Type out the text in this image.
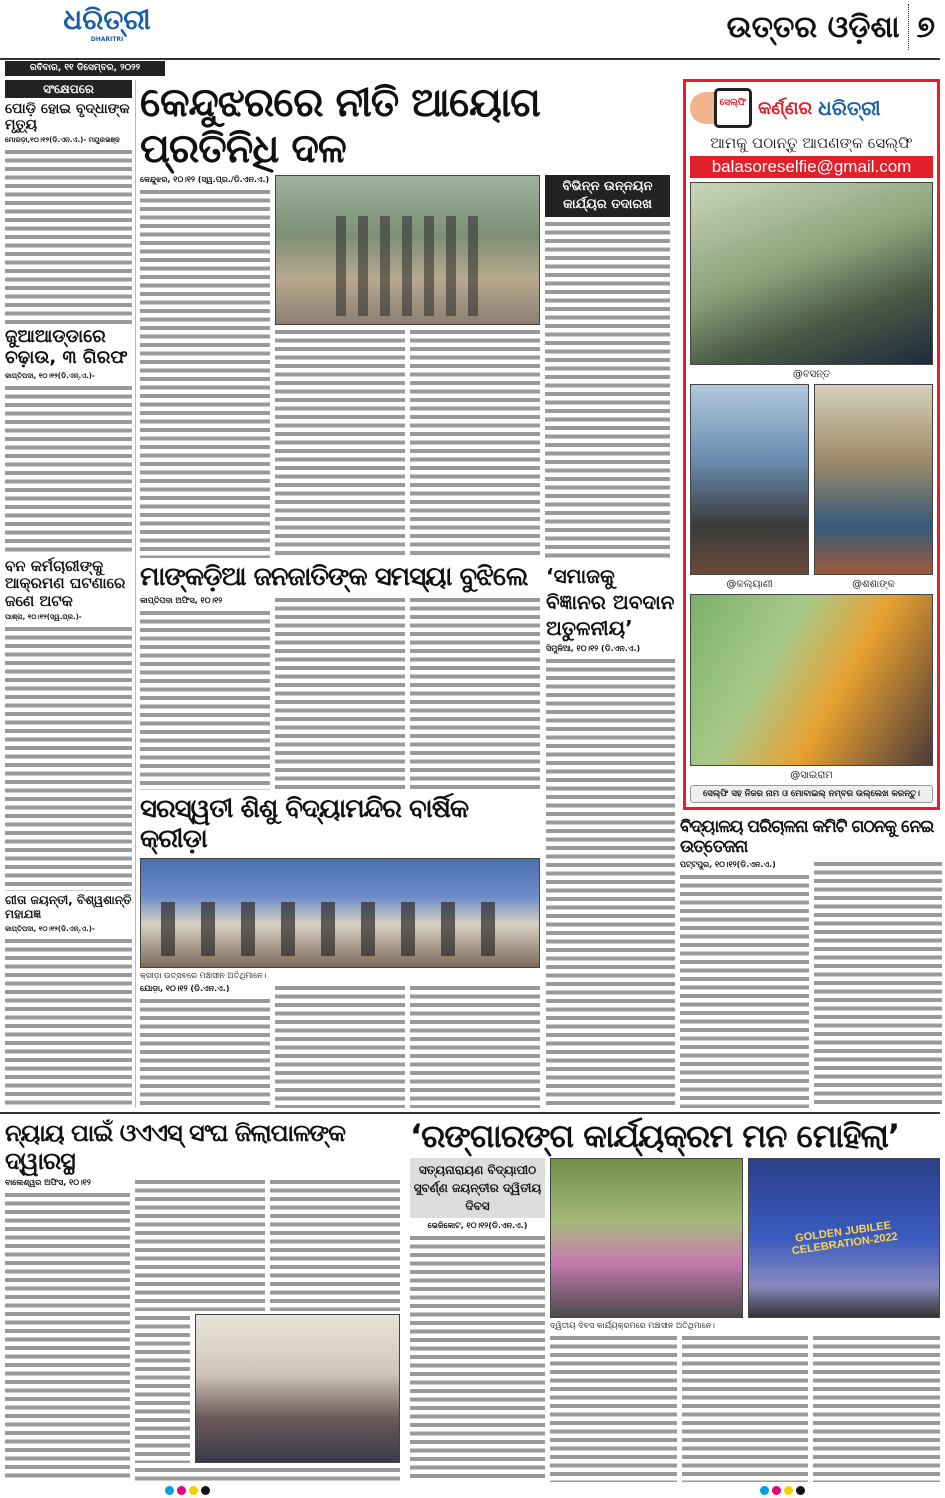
ଧରିତ୍ରୀ
DHARITRI
ରବିବାର, ୧୧ ଡିସେମ୍ବର, ୨୦୨୨
ଉତ୍ତର ଓଡ଼ିଶା ୭
ସଂକ୍ଷେପରେ
ପୋଡ଼ି ହୋଇ ବୃଦ୍ଧାଙ୍କ ମୃତ୍ୟୁ
ମୋରଡ଼ା,୧୦।୧୨(ଡି.ଏନ.ଏ.)- ମୟୂରଭଞ୍ଜ
ଜୁଆଆଡ୍ଡାରେ ଚଢ଼ାଉ, ୩ ଗିରଫ
କାପ୍ତିପଦା, ୧୦।୧୨(ଡି.ଏନ୍.ଏ.)-
ବନ କର୍ମଚାରୀଙ୍କୁ ଆକ୍ରମଣ ଘଟଣାରେ ଜଣେ ଅଟକ
ପାଶ୍ରା, ୧୦।୧୨(ସ୍ୱ.ପ୍ର.)-
ଗୀତା ଜୟନ୍ତୀ, ବିଶ୍ୱଶାନ୍ତି ମହାଯଜ୍ଞ
କାପ୍ତିପଦା, ୧୦।୧୨(ଡି.ଏନ୍.ଏ.)-
କେନ୍ଦୁଝରରେ ନୀତି ଆୟୋଗ ପ୍ରତିନିଧି ଦଳ
କେନ୍ଦୁଝର, ୧୦।୧୨ (ସ୍ୱ.ପ୍ର./ଡି.ଏନ.ଏ.)	ବିଭିନ୍ନ ଉନ୍ନୟନ କାର୍ଯ୍ୟର ତଦାରଖ
ମାଙ୍କଡ଼ିଆ ଜନଜାତିଙ୍କ ସମସ୍ୟା ବୁଝିଲେ
କାପ୍ତିପଦା ଅଫିସ, ୧୦।୧୨
‘ସମାଜକୁ ବିଜ୍ଞାନର ଅବଦାନ ଅତୁଳନୀୟ’
ସିମୁଳିଆ, ୧୦।୧୨ (ଡି.ଏନ.ଏ.)
ସରସ୍ୱତୀ ଶିଶୁ ବିଦ୍ୟାମନ୍ଦିର ବାର୍ଷିକ କ୍ରୀଡ଼ା
କ୍ରୀଡ଼ା ଉତ୍ସବରେ ମଞ୍ଚାସୀନ ଅତିଥିମାନେ।
ଯୋଡ଼ା, ୧୦।୧୨ (ଡି.ଏନ.ଏ.)
ସେଲ୍ଫି କର୍ଣ୍ଣର ଧରିତ୍ରୀ
ଆମକୁ ପଠାନ୍ତୁ ଆପଣଙ୍କ ସେଲ୍ଫି
balasoreselfie@gmail.com
@ବସନ୍ତ
@କଲ୍ୟାଣୀ	@ଶଶାଙ୍କ
@ସାଇରାମ
ସେଲ୍ଫି ସହ ନିଜର ନାମ ଓ ମୋବାଇଲ୍ ନମ୍ବର ଉଲ୍ଲେଖ କରନ୍ତୁ।
ବିଦ୍ୟାଳୟ ପରିଚାଳନା କମିଟି ଗଠନକୁ ନେଇ ଉତ୍ତେଜନା
ପଟ୍ଟପୁର, ୧୦।୧୨(ଡି.ଏନ.ଏ.)
ନ୍ୟାୟ ପାଇଁ ଓଏଏସ୍ ସଂଘ ଜିଲାପାଳଙ୍କ ଦ୍ୱାରସ୍ଥ
ବାଲେଶ୍ୱର ଅଫିସ, ୧୦।୧୨
‘ରଙ୍ଗାରଙ୍ଗ କାର୍ଯ୍ୟକ୍ରମ ମନ ମୋହିଲା’
ସତ୍ୟନାରାୟଣ ବିଦ୍ୟାପୀଠ ସୁବର୍ଣ୍ଣ ଜୟନ୍ତୀର ଦ୍ୱିତୀୟ ଦିବସ
ଭେଜିକୋଟ, ୧୦।୧୨(ଡି.ଏନ.ଏ.)	GOLDEN JUBILEE CELEBRATION-2022
ଦ୍ୱିତୀୟ ଦିବସ କାର୍ଯ୍ୟକ୍ରମରେ ମଞ୍ଚାସୀନ ଅତିଥିମାନେ।
